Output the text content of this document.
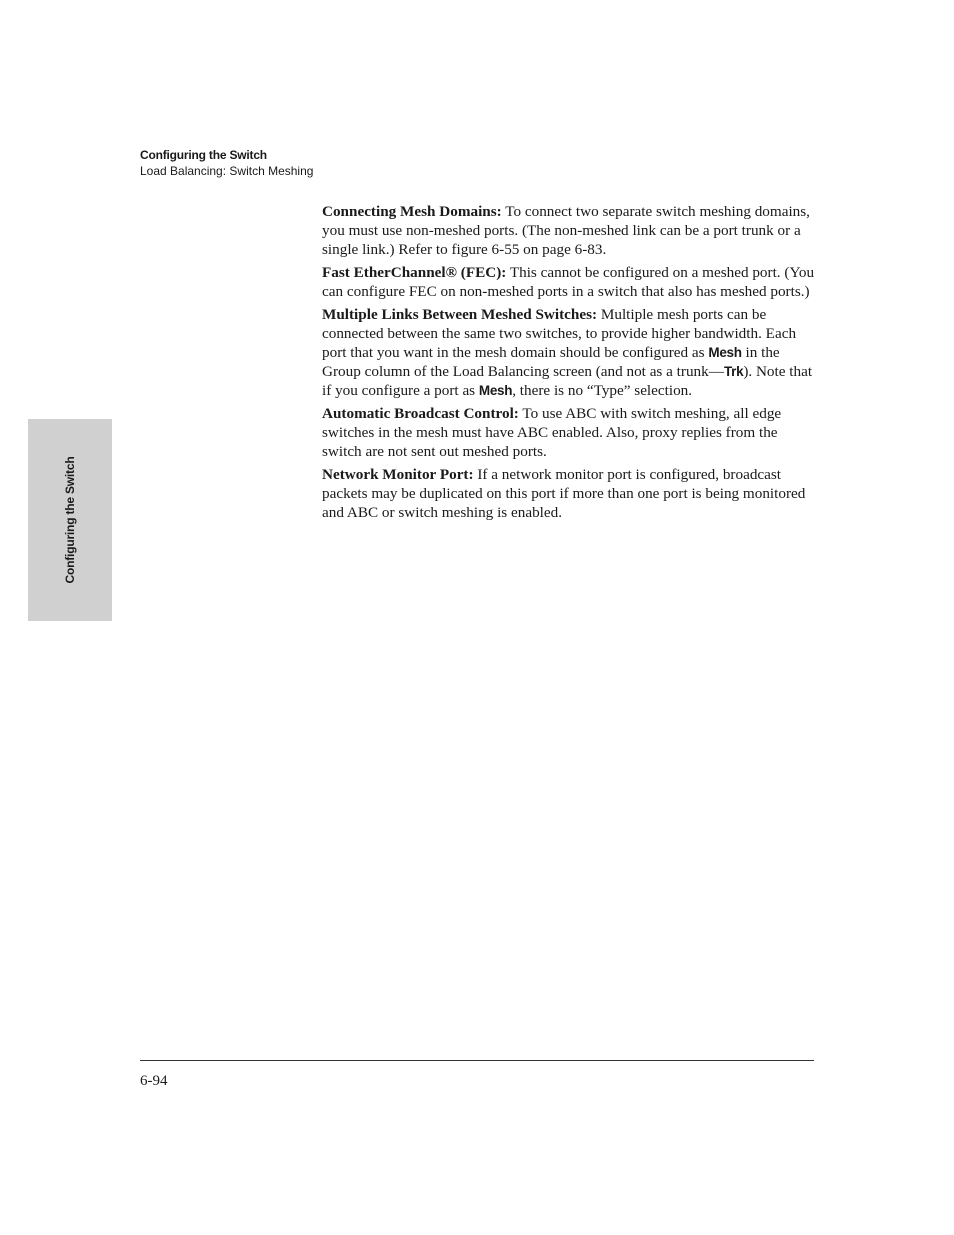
Configuring the Switch
Load Balancing: Switch Meshing
Configuring the Switch

Connecting Mesh Domains: To connect two separate switch meshing domains, you must use non-meshed ports. (The non-meshed link can be a port trunk or a single link.) Refer to figure 6-55 on page 6-83.

Fast EtherChannel® (FEC): This cannot be configured on a meshed port. (You can configure FEC on non-meshed ports in a switch that also has meshed ports.)

Multiple Links Between Meshed Switches: Multiple mesh ports can be connected between the same two switches, to provide higher bandwidth. Each port that you want in the mesh domain should be configured as Mesh in the Group column of the Load Balancing screen (and not as a trunk—Trk). Note that if you configure a port as Mesh, there is no “Type” selection.

Automatic Broadcast Control: To use ABC with switch meshing, all edge switches in the mesh must have ABC enabled. Also, proxy replies from the switch are not sent out meshed ports.

Network Monitor Port: If a network monitor port is configured, broadcast packets may be duplicated on this port if more than one port is being monitored and ABC or switch meshing is enabled.

6-94
